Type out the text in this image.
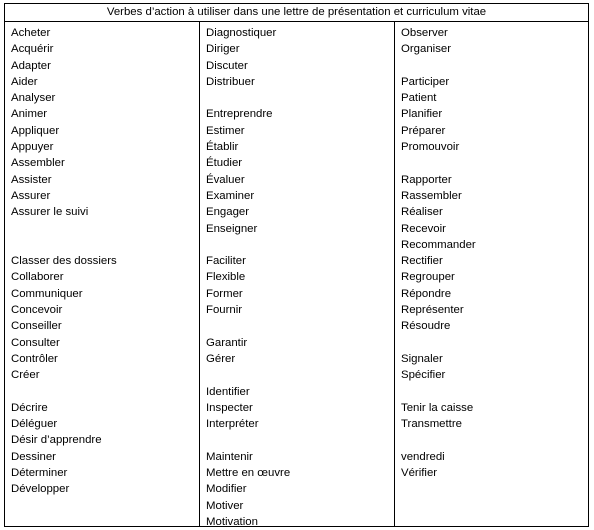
Verbes d’action à utiliser dans une lettre de présentation et curriculum vitae
Acheter
Acquérir
Adapter
Aider
Analyser
Animer
Appliquer
Appuyer
Assembler
Assister
Assurer
Assurer le suivi
Classer des dossiers
Collaborer
Communiquer
Concevoir
Conseiller
Consulter
Contrôler
Créer
Décrire
Déléguer
Désir d’apprendre
Dessiner
Déterminer
Développer
Diagnostiquer
Diriger
Discuter
Distribuer
Entreprendre
Estimer
Établir
Étudier
Évaluer
Examiner
Engager
Enseigner
Faciliter
Flexible
Former
Fournir
Garantir
Gérer
Identifier
Inspecter
Interpréter
Maintenir
Mettre en œuvre
Modifier
Motiver
Motivation
Observer
Organiser
Participer
Patient
Planifier
Préparer
Promouvoir
Rapporter
Rassembler
Réaliser
Recevoir
Recommander
Rectifier
Regrouper
Répondre
Représenter
Résoudre
Signaler
Spécifier
Tenir la caisse
Transmettre
vendredi
Vérifier
